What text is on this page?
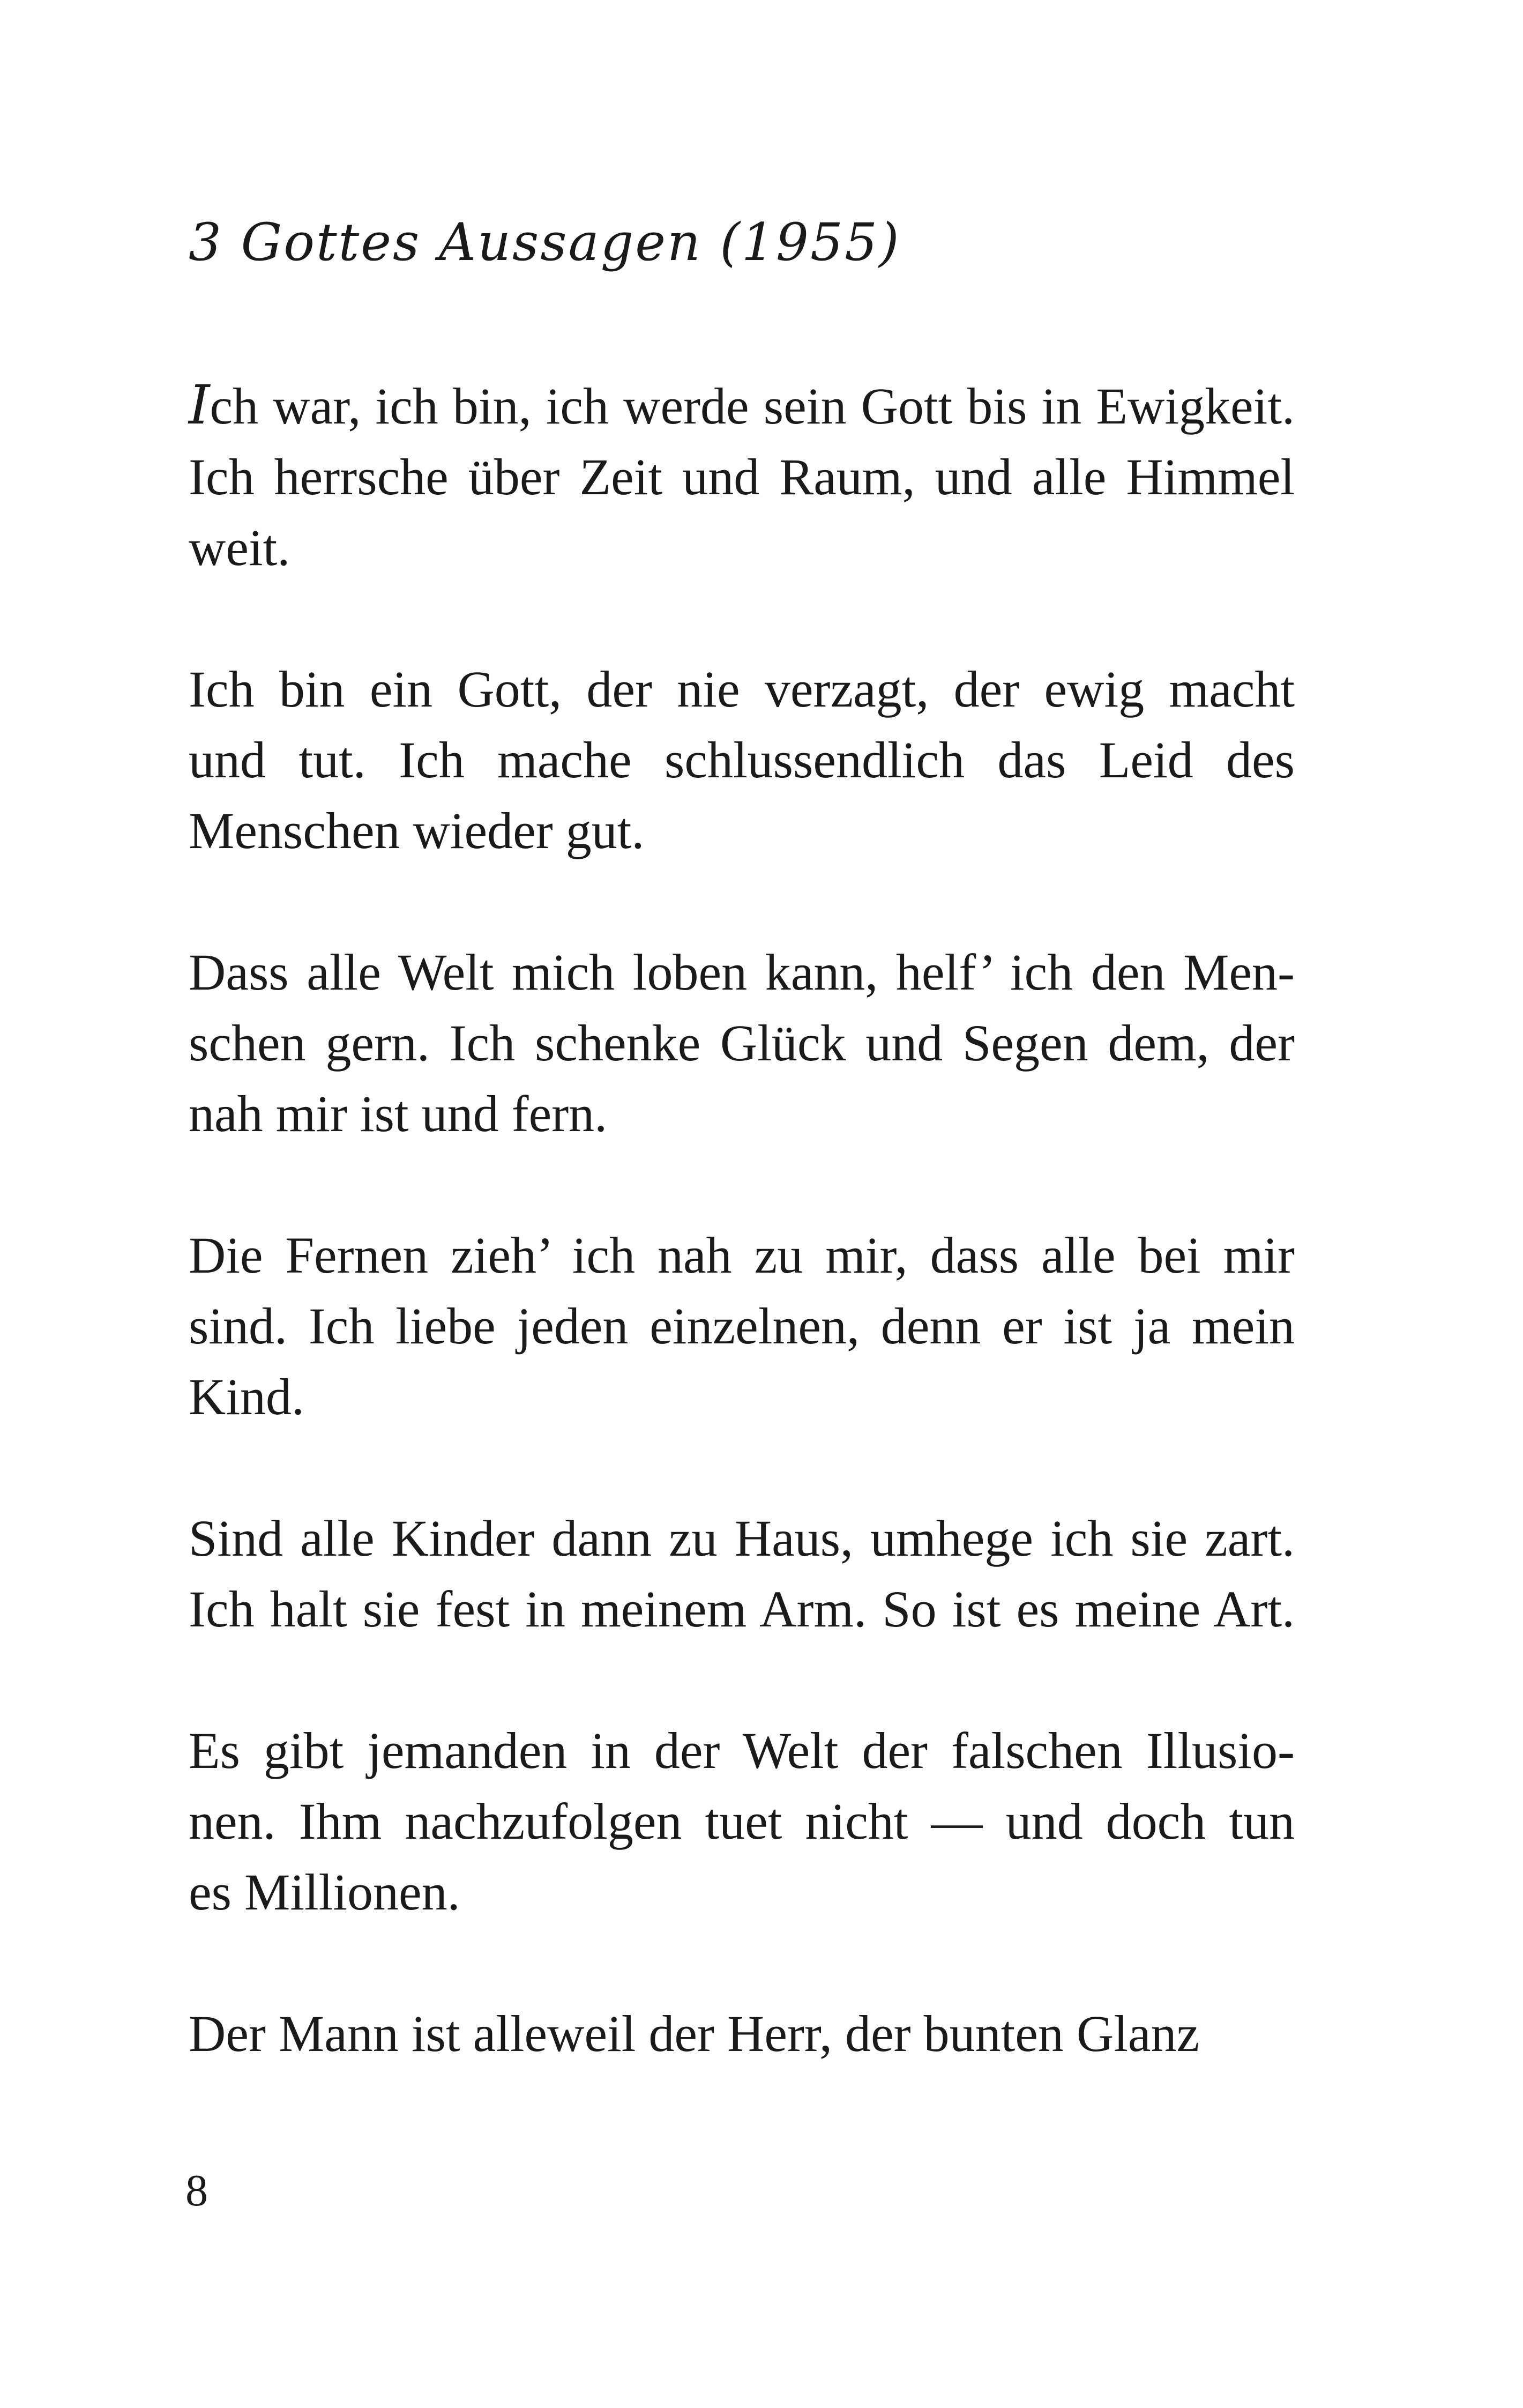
3 Gottes Aussagen (1955)

Ich war, ich bin, ich werde sein Gott bis in Ewigkeit.
Ich herrsche über Zeit und Raum, und alle Himmel
weit.

Ich bin ein Gott, der nie verzagt, der ewig macht
und tut. Ich mache schlussendlich das Leid des
Menschen wieder gut.

Dass alle Welt mich loben kann, helf’ ich den Men-
schen gern. Ich schenke Glück und Segen dem, der
nah mir ist und fern.

Die Fernen zieh’ ich nah zu mir, dass alle bei mir
sind. Ich liebe jeden einzelnen, denn er ist ja mein
Kind.

Sind alle Kinder dann zu Haus, umhege ich sie zart.
Ich halt sie fest in meinem Arm. So ist es meine Art.

Es gibt jemanden in der Welt der falschen Illusio-
nen. Ihm nachzufolgen tuet nicht — und doch tun
es Millionen.

Der Mann ist alleweil der Herr, der bunten Glanz

8
